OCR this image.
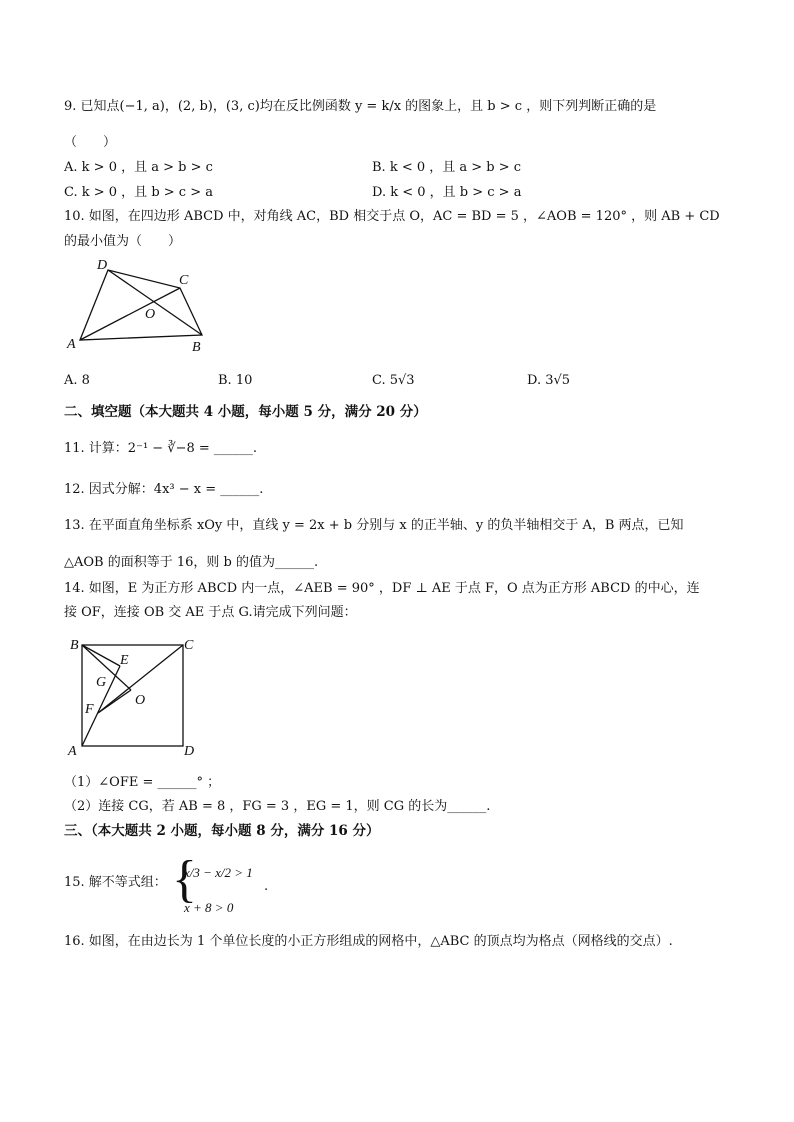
9. 已知点(−1, a)，(2, b)，(3, c)均在反比例函数 y = k/x 的图象上，且 b > c ，则下列判断正确的是
（　　）
A. k > 0 ，且 a > b > c	B. k < 0 ，且 a > b > c
C. k > 0 ，且 b > c > a	D. k < 0 ，且 b > c > a
10. 如图，在四边形 ABCD 中，对角线 AC，BD 相交于点 O，AC = BD = 5 ，∠AOB = 120° ，则 AB + CD
的最小值为（　　）
D
C
O
A	B
A. 8	B. 10	C. 5√3	D. 3√5
二、填空题（本大题共 4 小题，每小题 5 分，满分 20 分）
11. 计算：2⁻¹ − ∛−8 = ______.
12. 因式分解：4x³ − x = ______.
13. 在平面直角坐标系 xOy 中，直线 y = 2x + b 分别与 x 的正半轴、y 的负半轴相交于 A，B 两点，已知
△AOB 的面积等于 16，则 b 的值为______.
14. 如图，E 为正方形 ABCD 内一点，∠AEB = 90° ，DF ⊥ AE 于点 F，O 点为正方形 ABCD 的中心，连
接 OF，连接 OB 交 AE 于点 G.请完成下列问题：
B	C
E
G
O
F
A	D
（1）∠OFE = ______° ；
（2）连接 CG，若 AB = 8 ，FG = 3 ，EG = 1，则 CG 的长为______.
三、（本大题共 2 小题，每小题 8 分，满分 16 分）
15. 解不等式组： {
x/3 − x/2 > 1
x + 8 > 0
.
16. 如图，在由边长为 1 个单位长度的小正方形组成的网格中，△ABC 的顶点均为格点（网格线的交点）.
